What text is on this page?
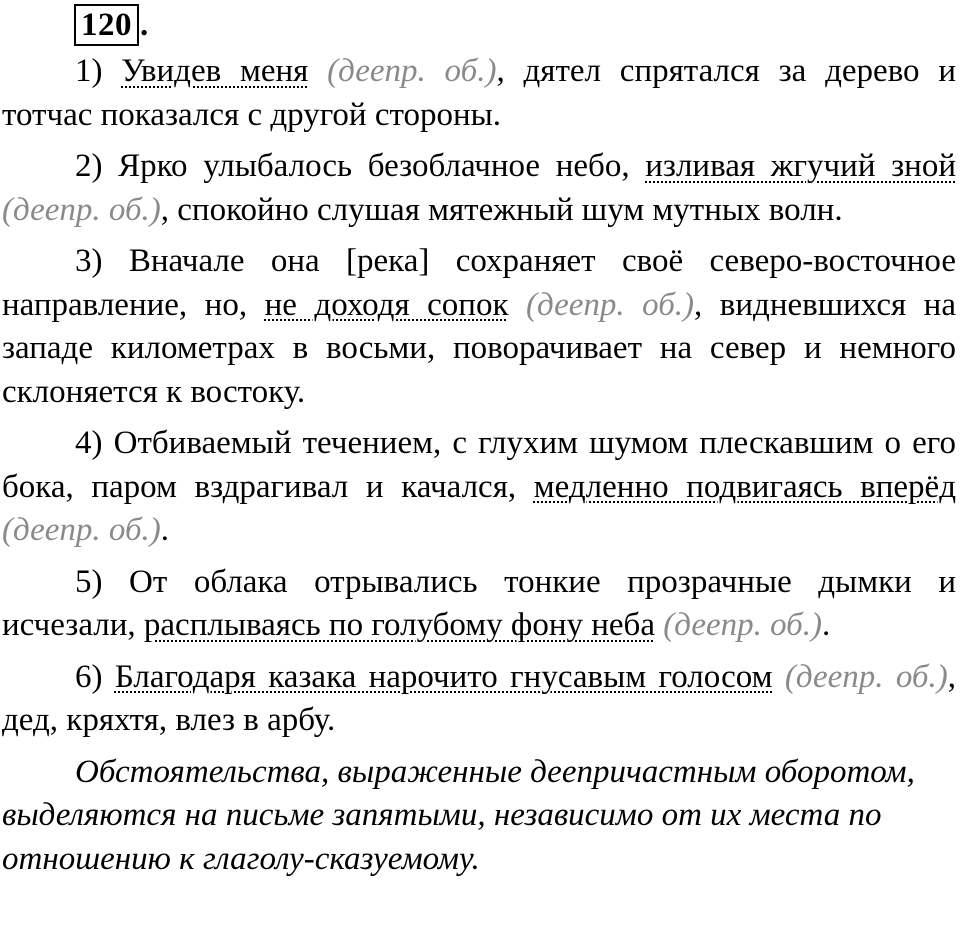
120 .

1) Увидев меня (деепр. об.), дятел спрятался за дерево и тотчас показался с другой стороны.

2) Ярко улыбалось безоблачное небо, изливая жгучий зной (деепр. об.), спокойно слушая мятежный шум мутных волн.

3) Вначале она [река] сохраняет своё северо-восточное направление, но, не доходя сопок (деепр. об.), видневшихся на западе километрах в восьми, поворачивает на север и немного склоняется к востоку.

4) Отбиваемый течением, с глухим шумом плескавшим о его бока, паром вздрагивал и качался, медленно подвигаясь вперёд (деепр. об.).

5) От облака отрывались тонкие прозрачные дымки и исчезали, расплываясь по голубому фону неба (деепр. об.).

6) Благодаря казака нарочито гнусавым голосом (деепр. об.), дед, кряхтя, влез в арбу.

Обстоятельства, выраженные деепричастным оборотом, выделяются на письме запятыми, независимо от их места по отношению к глаголу-сказуемому.
